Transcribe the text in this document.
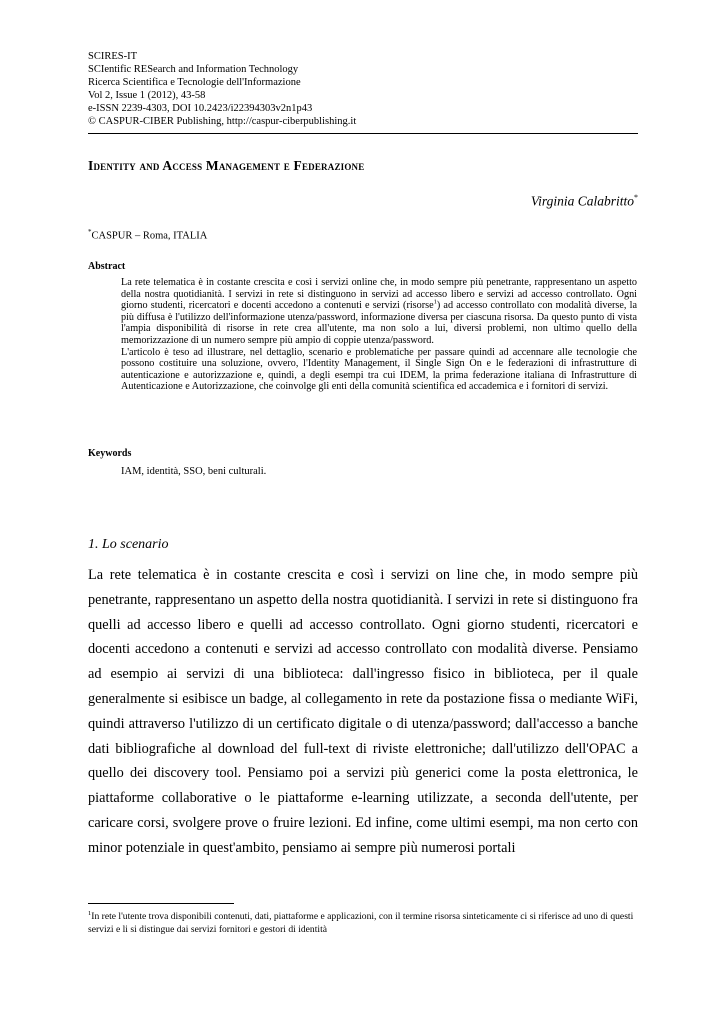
SCIRES-IT
SCIentific RESearch and Information Technology
Ricerca Scientifica e Tecnologie dell'Informazione
Vol 2, Issue 1 (2012), 43-58
e-ISSN 2239-4303, DOI 10.2423/i22394303v2n1p43
© CASPUR-CIBER Publishing, http://caspur-ciberpublishing.it
Identity and Access Management e Federazione
Virginia Calabritto*
*CASPUR – Roma, ITALIA
Abstract

La rete telematica è in costante crescita e così i servizi online che, in modo sempre più penetrante, rappresentano un aspetto della nostra quotidianità. I servizi in rete si distinguono in servizi ad accesso libero e servizi ad accesso controllato. Ogni giorno studenti, ricercatori e docenti accedono a contenuti e servizi (risorse$^1$) ad accesso controllato con modalità diverse, la più diffusa è l'utilizzo dell'informazione utenza/password, informazione diversa per ciascuna risorsa. Da questo punto di vista l'ampia disponibilità di risorse in rete crea all'utente, ma non solo a lui, diversi problemi, non ultimo quello della memorizzazione di un numero sempre più ampio di coppie utenza/password.

L'articolo è teso ad illustrare, nel dettaglio, scenario e problematiche per passare quindi ad accennare alle tecnologie che possono costituire una soluzione, ovvero, l'Identity Management, il Single Sign On e le federazioni di infrastrutture di autenticazione e autorizzazione e, quindi, a degli esempi tra cui IDEM, la prima federazione italiana di Infrastrutture di Autenticazione e Autorizzazione, che coinvolge gli enti della comunità scientifica ed accademica e i fornitori di servizi.

Keywords
IAM, identità, SSO, beni culturali.
1. Lo scenario

La rete telematica è in costante crescita e così i servizi on line che, in modo sempre più penetrante, rappresentano un aspetto della nostra quotidianità. I servizi in rete si distinguono fra quelli ad accesso libero e quelli ad accesso controllato. Ogni giorno studenti, ricercatori e docenti accedono a contenuti e servizi ad accesso controllato con modalità diverse. Pensiamo ad esempio ai servizi di una biblioteca: dall'ingresso fisico in biblioteca, per il quale generalmente si esibisce un badge, al collegamento in rete da postazione fissa o mediante WiFi, quindi attraverso l'utilizzo di un certificato digitale o di utenza/password; dall'accesso a banche dati bibliografiche al download del full-text di riviste elettroniche; dall'utilizzo dell'OPAC a quello dei discovery tool. Pensiamo poi a servizi più generici come la posta elettronica, le piattaforme collaborative o le piattaforme e-learning utilizzate, a seconda dell'utente, per caricare corsi, svolgere prove o fruire lezioni. Ed infine, come ultimi esempi, ma non certo con minor potenziale in quest'ambito, pensiamo ai sempre più numerosi portali

$^1$In rete l'utente trova disponibili contenuti, dati, piattaforme e applicazioni, con il termine risorsa sinteticamente ci si riferisce ad uno di questi servizi e li si distingue dai servizi fornitori e gestori di identità
